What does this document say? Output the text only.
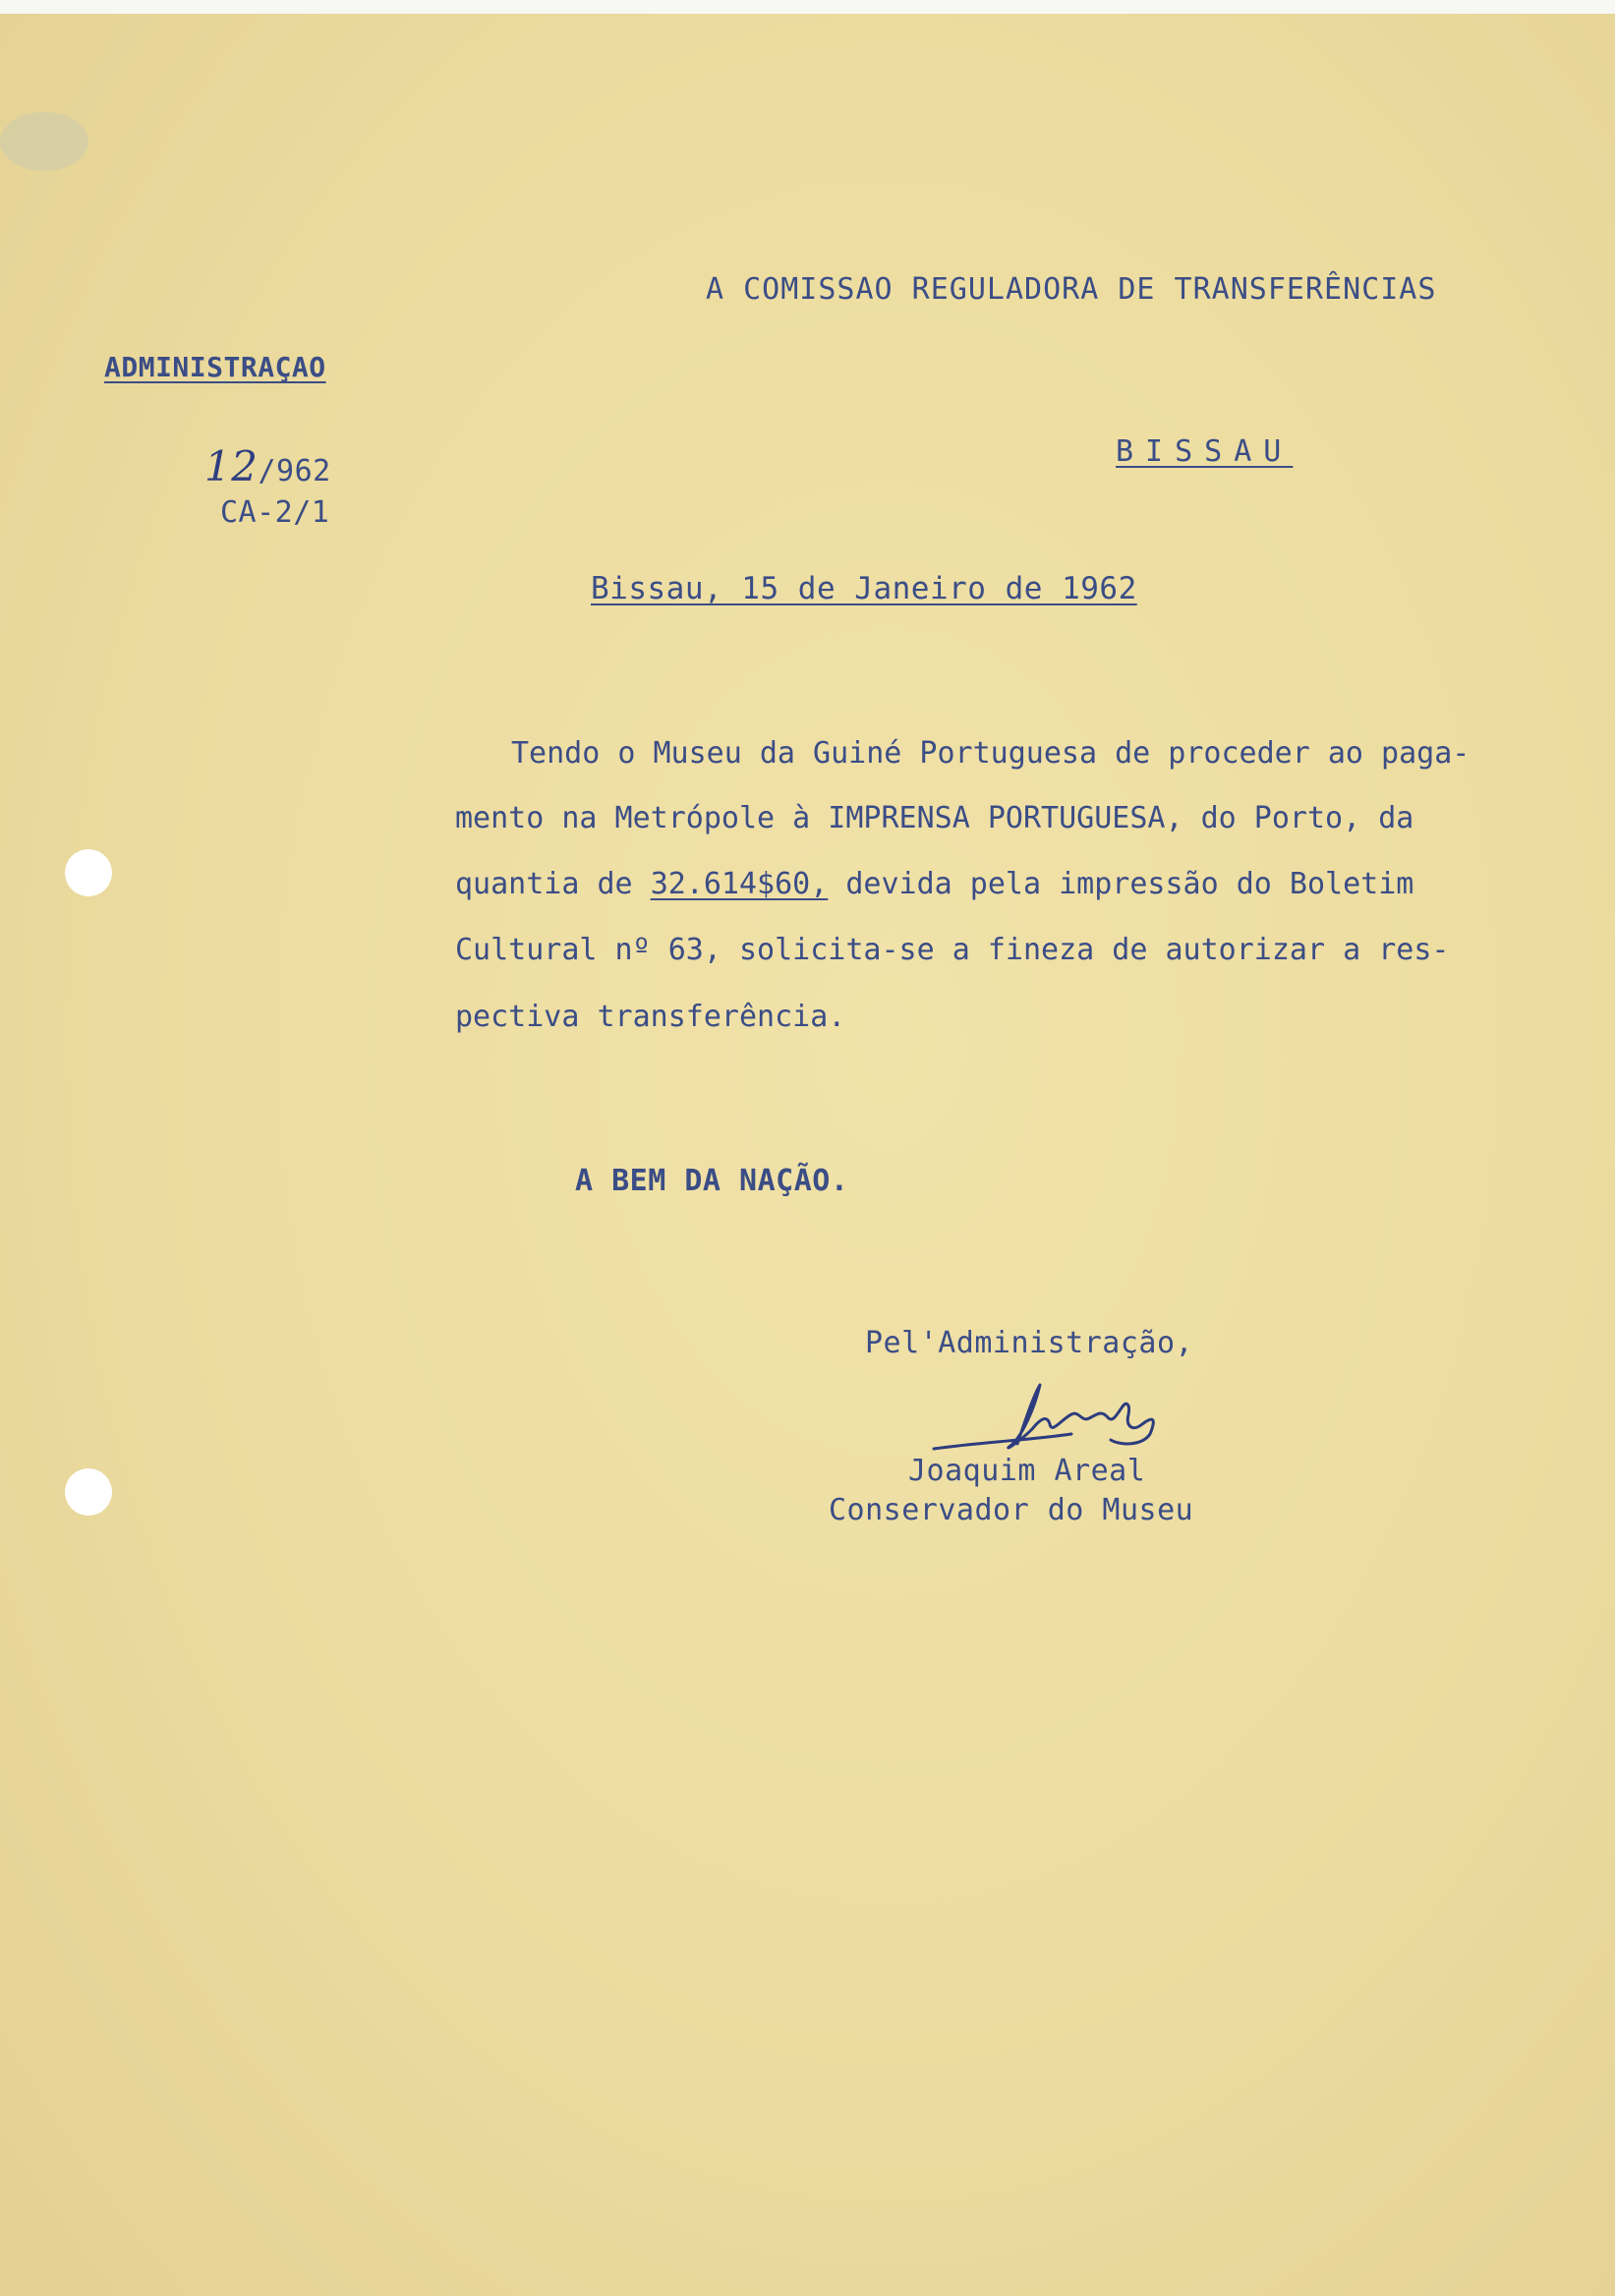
A COMISSAO REGULADORA DE TRANSFERÊNCIAS
ADMINISTRAÇAO
12/962
CA-2/1
BISSAU
Bissau, 15 de Janeiro de 1962
Tendo o Museu da Guiné Portuguesa de proceder ao paga-
mento na Metrópole à IMPRENSA PORTUGUESA, do Porto, da
quantia de 32.614$60, devida pela impressão do Boletim
Cultural nº 63, solicita-se a fineza de autorizar a res-
pectiva transferência.
A BEM DA NAÇÃO.
Pel'Administração,
Joaquim Areal
Conservador do Museu
